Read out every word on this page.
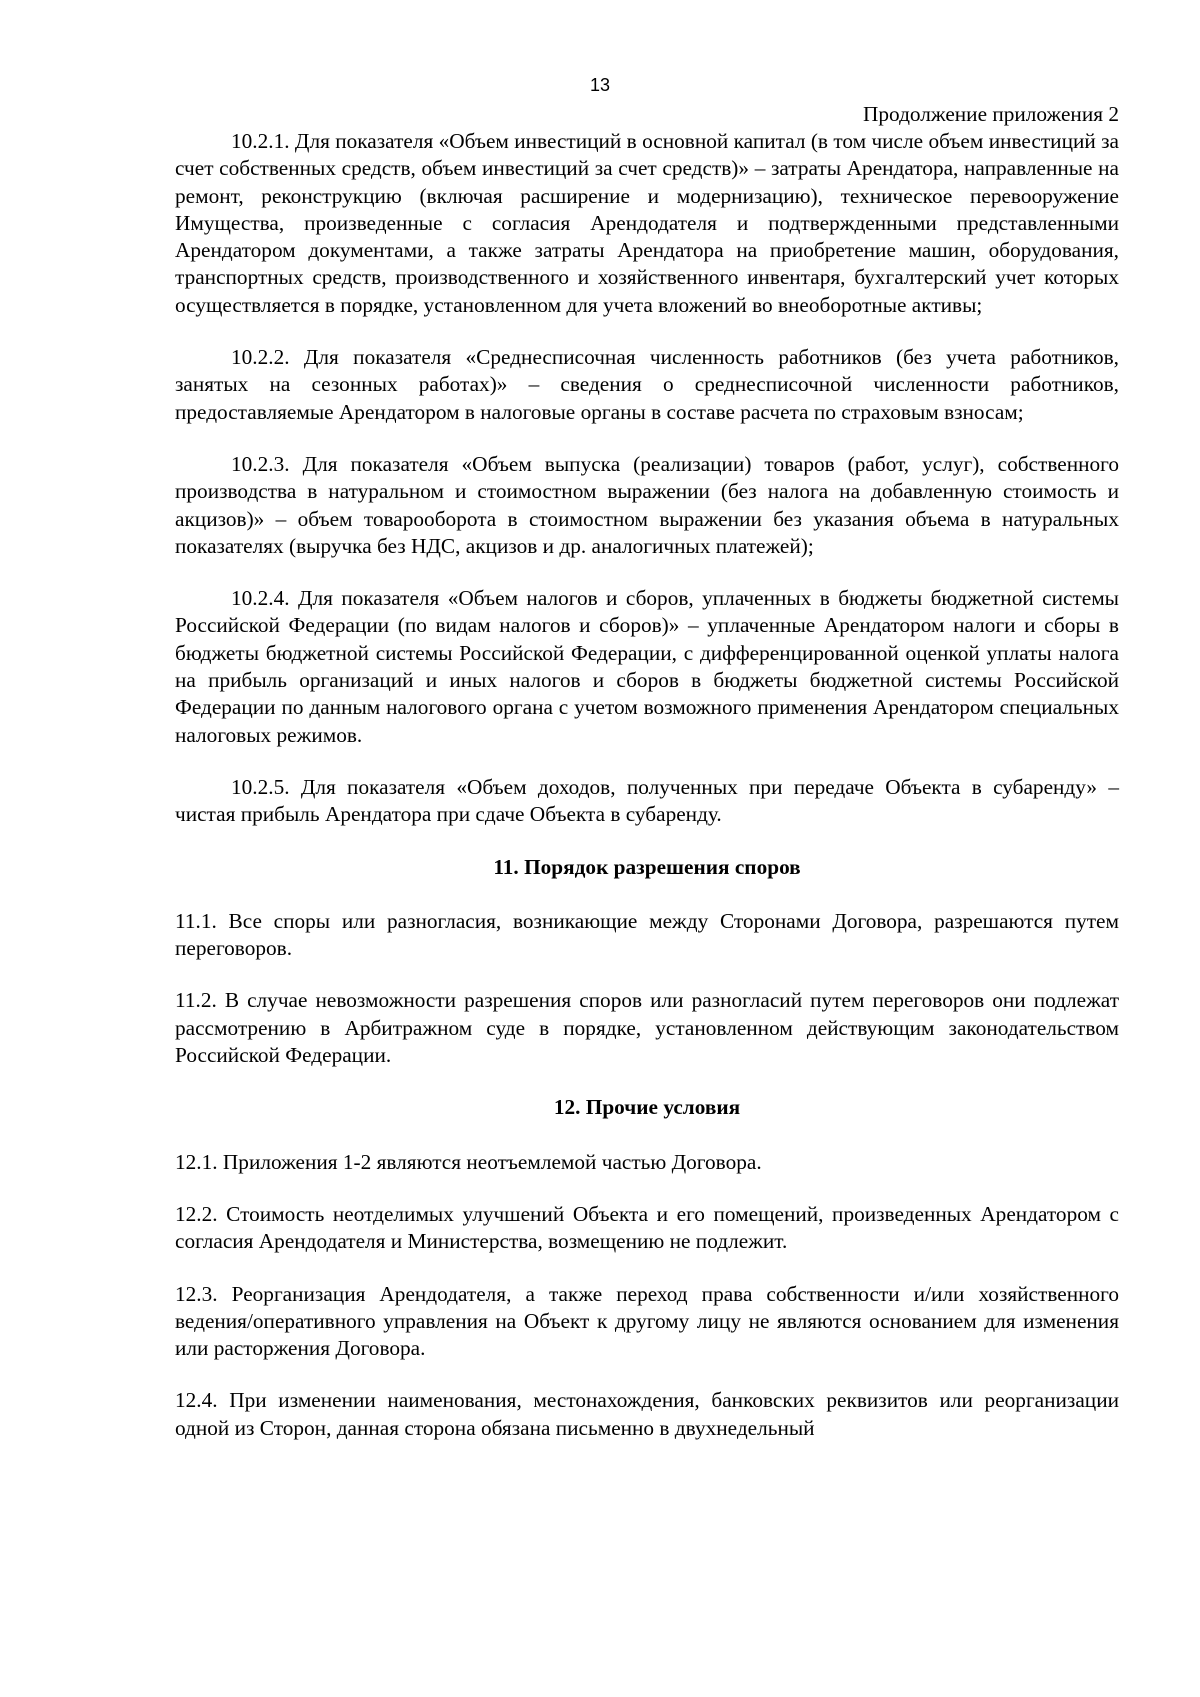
13
Продолжение приложения 2

10.2.1. Для показателя «Объем инвестиций в основной капитал (в том числе объем инвестиций за счет собственных средств, объем инвестиций за счет средств)» – затраты Арендатора, направленные на ремонт, реконструкцию (включая расширение и модернизацию), техническое перевооружение Имущества, произведенные с согласия Арендодателя и подтвержденными представленными Арендатором документами, а также затраты Арендатора на приобретение машин, оборудования, транспортных средств, производственного и хозяйственного инвентаря, бухгалтерский учет которых осуществляется в порядке, установленном для учета вложений во внеоборотные активы;

10.2.2. Для показателя «Среднесписочная численность работников (без учета работников, занятых на сезонных работах)» – сведения о среднесписочной численности работников, предоставляемые Арендатором в налоговые органы в составе расчета по страховым взносам;

10.2.3. Для показателя «Объем выпуска (реализации) товаров (работ, услуг), собственного производства в натуральном и стоимостном выражении (без налога на добавленную стоимость и акцизов)» – объем товарооборота в стоимостном выражении без указания объема в натуральных показателях (выручка без НДС, акцизов и др. аналогичных платежей);

10.2.4. Для показателя «Объем налогов и сборов, уплаченных в бюджеты бюджетной системы Российской Федерации (по видам налогов и сборов)» – уплаченные Арендатором налоги и сборы в бюджеты бюджетной системы Российской Федерации, с дифференцированной оценкой уплаты налога на прибыль организаций и иных налогов и сборов в бюджеты бюджетной системы Российской Федерации по данным налогового органа с учетом возможного применения Арендатором специальных налоговых режимов.

10.2.5. Для показателя «Объем доходов, полученных при передаче Объекта в субаренду» – чистая прибыль Арендатора при сдаче Объекта в субаренду.

11. Порядок разрешения споров

11.1. Все споры или разногласия, возникающие между Сторонами Договора, разрешаются путем переговоров.

11.2. В случае невозможности разрешения споров или разногласий путем переговоров они подлежат рассмотрению в Арбитражном суде в порядке, установленном действующим законодательством Российской Федерации.

12. Прочие условия

12.1. Приложения 1-2 являются неотъемлемой частью Договора.

12.2. Стоимость неотделимых улучшений Объекта и его помещений, произведенных Арендатором с согласия Арендодателя и Министерства, возмещению не подлежит.

12.3. Реорганизация Арендодателя, а также переход права собственности и/или хозяйственного ведения/оперативного управления на Объект к другому лицу не являются основанием для изменения или расторжения Договора.

12.4. При изменении наименования, местонахождения, банковских реквизитов или реорганизации одной из Сторон, данная сторона обязана письменно в двухнедельный
